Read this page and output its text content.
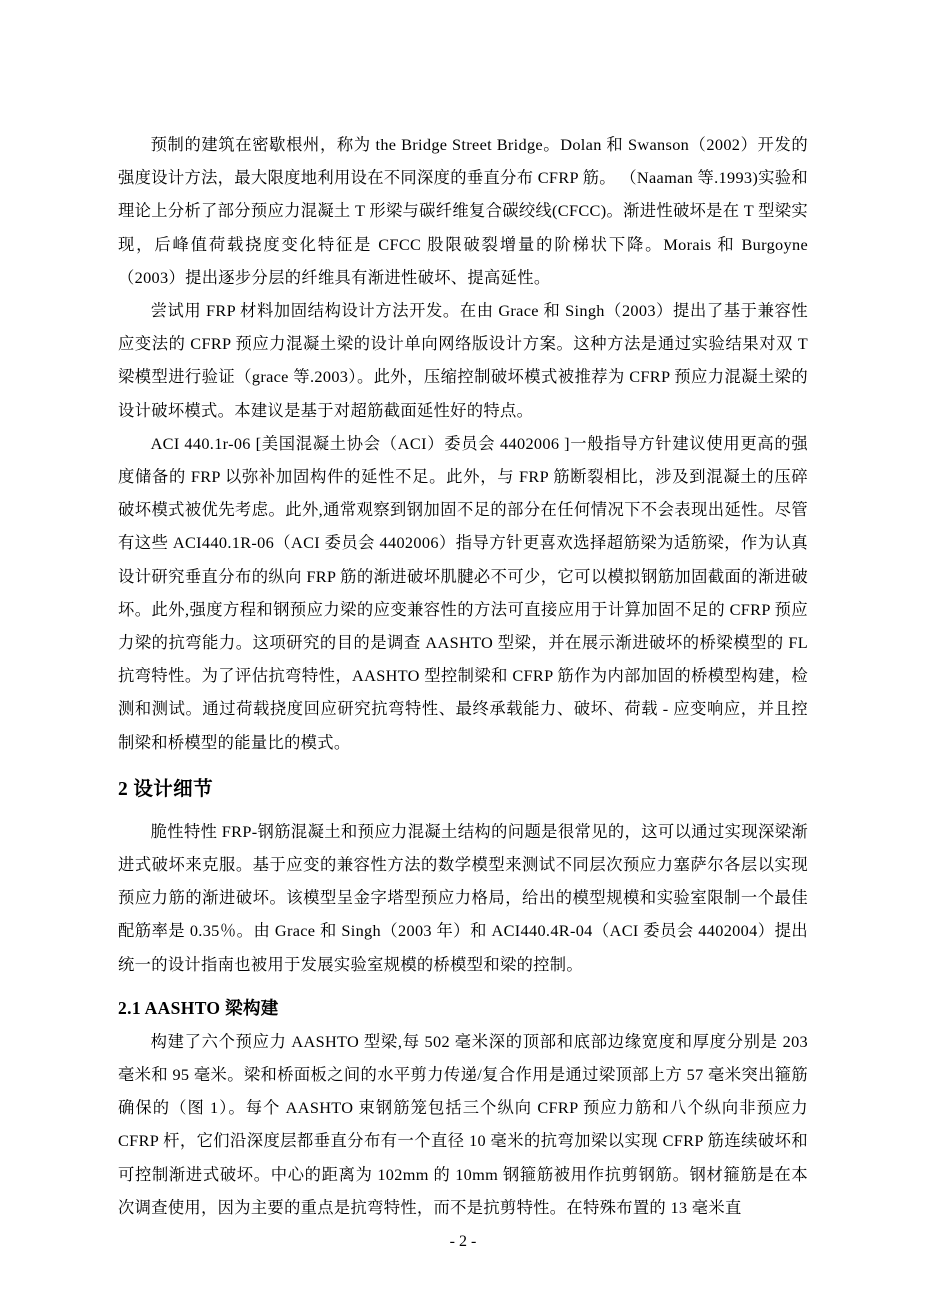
预制的建筑在密歇根州，称为 the Bridge Street Bridge。Dolan 和 Swanson（2002）开发的强度设计方法，最大限度地利用设在不同深度的垂直分布 CFRP 筋。 （Naaman 等.1993)实验和理论上分析了部分预应力混凝土 T 形梁与碳纤维复合碳绞线(CFCC)。渐进性破坏是在 T 型梁实现，后峰值荷载挠度变化特征是 CFCC 股限破裂增量的阶梯状下降。Morais 和 Burgoyne（2003）提出逐步分层的纤维具有渐进性破坏、提高延性。

尝试用 FRP 材料加固结构设计方法开发。在由 Grace 和 Singh（2003）提出了基于兼容性应变法的 CFRP 预应力混凝土梁的设计单向网络版设计方案。这种方法是通过实验结果对双 T 梁模型进行验证（grace 等.2003）。此外，压缩控制破坏模式被推荐为 CFRP 预应力混凝土梁的设计破坏模式。本建议是基于对超筋截面延性好的特点。

ACI 440.1r-06 [美国混凝土协会（ACI）委员会 4402006 ]一般指导方针建议使用更高的强度储备的 FRP 以弥补加固构件的延性不足。此外，与 FRP 筋断裂相比，涉及到混凝土的压碎破坏模式被优先考虑。此外,通常观察到钢加固不足的部分在任何情况下不会表现出延性。尽管有这些 ACI440.1R-06（ACI 委员会 4402006）指导方针更喜欢选择超筋梁为适筋梁，作为认真设计研究垂直分布的纵向 FRP 筋的渐进破坏肌腱必不可少，它可以模拟钢筋加固截面的渐进破坏。此外,强度方程和钢预应力梁的应变兼容性的方法可直接应用于计算加固不足的 CFRP 预应力梁的抗弯能力。这项研究的目的是调查 AASHTO 型梁，并在展示渐进破坏的桥梁模型的 FL 抗弯特性。为了评估抗弯特性，AASHTO 型控制梁和 CFRP 筋作为内部加固的桥模型构建，检测和测试。通过荷载挠度回应研究抗弯特性、最终承载能力、破坏、荷载 - 应变响应，并且控制梁和桥模型的能量比的模式。

2 设计细节

脆性特性 FRP-钢筋混凝土和预应力混凝土结构的问题是很常见的，这可以通过实现深梁渐进式破坏来克服。基于应变的兼容性方法的数学模型来测试不同层次预应力塞萨尔各层以实现预应力筋的渐进破坏。该模型呈金字塔型预应力格局，给出的模型规模和实验室限制一个最佳配筋率是 0.35％。由 Grace 和 Singh（2003 年）和 ACI440.4R-04（ACI 委员会 4402004）提出统一的设计指南也被用于发展实验室规模的桥模型和梁的控制。

2.1 AASHTO 梁构建

构建了六个预应力 AASHTO 型梁,每 502 毫米深的顶部和底部边缘宽度和厚度分别是 203 毫米和 95 毫米。梁和桥面板之间的水平剪力传递/复合作用是通过梁顶部上方 57 毫米突出箍筋确保的（图 1）。每个 AASHTO 束钢筋笼包括三个纵向 CFRP 预应力筋和八个纵向非预应力 CFRP 杆，它们沿深度层都垂直分布有一个直径 10 毫米的抗弯加梁以实现 CFRP 筋连续破坏和可控制渐进式破坏。中心的距离为 102mm 的 10mm 钢箍筋被用作抗剪钢筋。钢材箍筋是在本次调查使用，因为主要的重点是抗弯特性，而不是抗剪特性。在特殊布置的 13 毫米直

- 2 -
